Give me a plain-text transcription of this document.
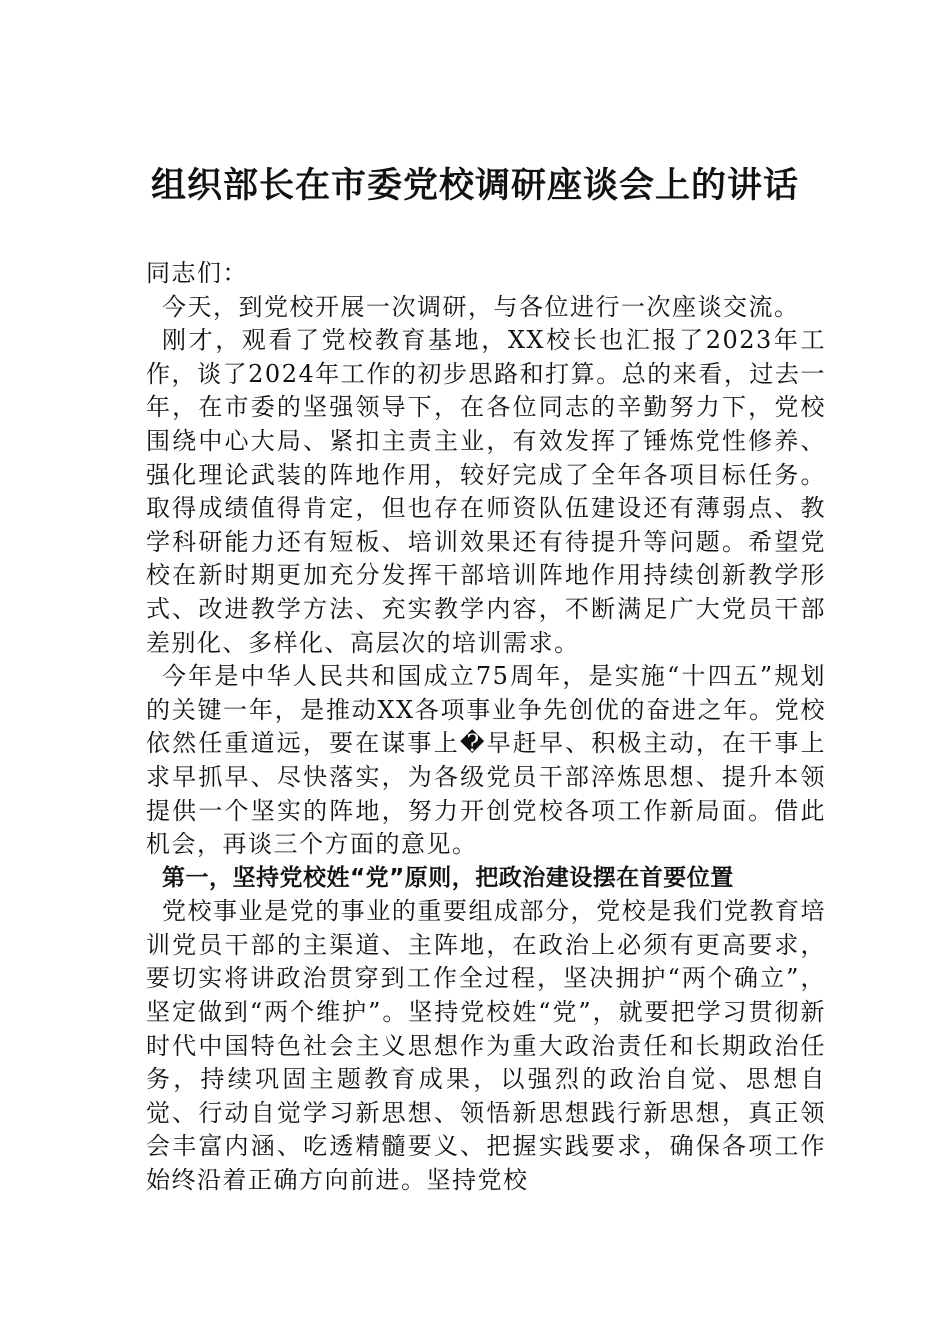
组织部长在市委党校调研座谈会上的讲话

同志们：

今天，到党校开展一次调研，与各位进行一次座谈交流。

刚才，观看了党校教育基地，XX校长也汇报了2023年工作，谈了2024年工作的初步思路和打算。总的来看，过去一年，在市委的坚强领导下，在各位同志的辛勤努力下，党校围绕中心大局、紧扣主责主业，有效发挥了锤炼党性修养、强化理论武装的阵地作用，较好完成了全年各项目标任务。取得成绩值得肯定，但也存在师资队伍建设还有薄弱点、教学科研能力还有短板、培训效果还有待提升等问题。希望党校在新时期更加充分发挥干部培训阵地作用持续创新教学形式、改进教学方法、充实教学内容，不断满足广大党员干部差别化、多样化、高层次的培训需求。

今年是中华人民共和国成立75周年，是实施“十四五”规划的关键一年，是推动XX各项事业争先创优的奋进之年。党校依然任重道远，要在谋事上�早赶早、积极主动，在干事上求早抓早、尽快落实，为各级党员干部淬炼思想、提升本领提供一个坚实的阵地，努力开创党校各项工作新局面。借此机会，再谈三个方面的意见。

第一，坚持党校姓“党”原则，把政治建设摆在首要位置

党校事业是党的事业的重要组成部分，党校是我们党教育培训党员干部的主渠道、主阵地，在政治上必须有更高要求，要切实将讲政治贯穿到工作全过程，坚决拥护“两个确立”，坚定做到“两个维护”。坚持党校姓“党”，就要把学习贯彻新时代中国特色社会主义思想作为重大政治责任和长期政治任务，持续巩固主题教育成果，以强烈的政治自觉、思想自觉、行动自觉学习新思想、领悟新思想践行新思想，真正领会丰富内涵、吃透精髓要义、把握实践要求，确保各项工作始终沿着正确方向前进。坚持党校
